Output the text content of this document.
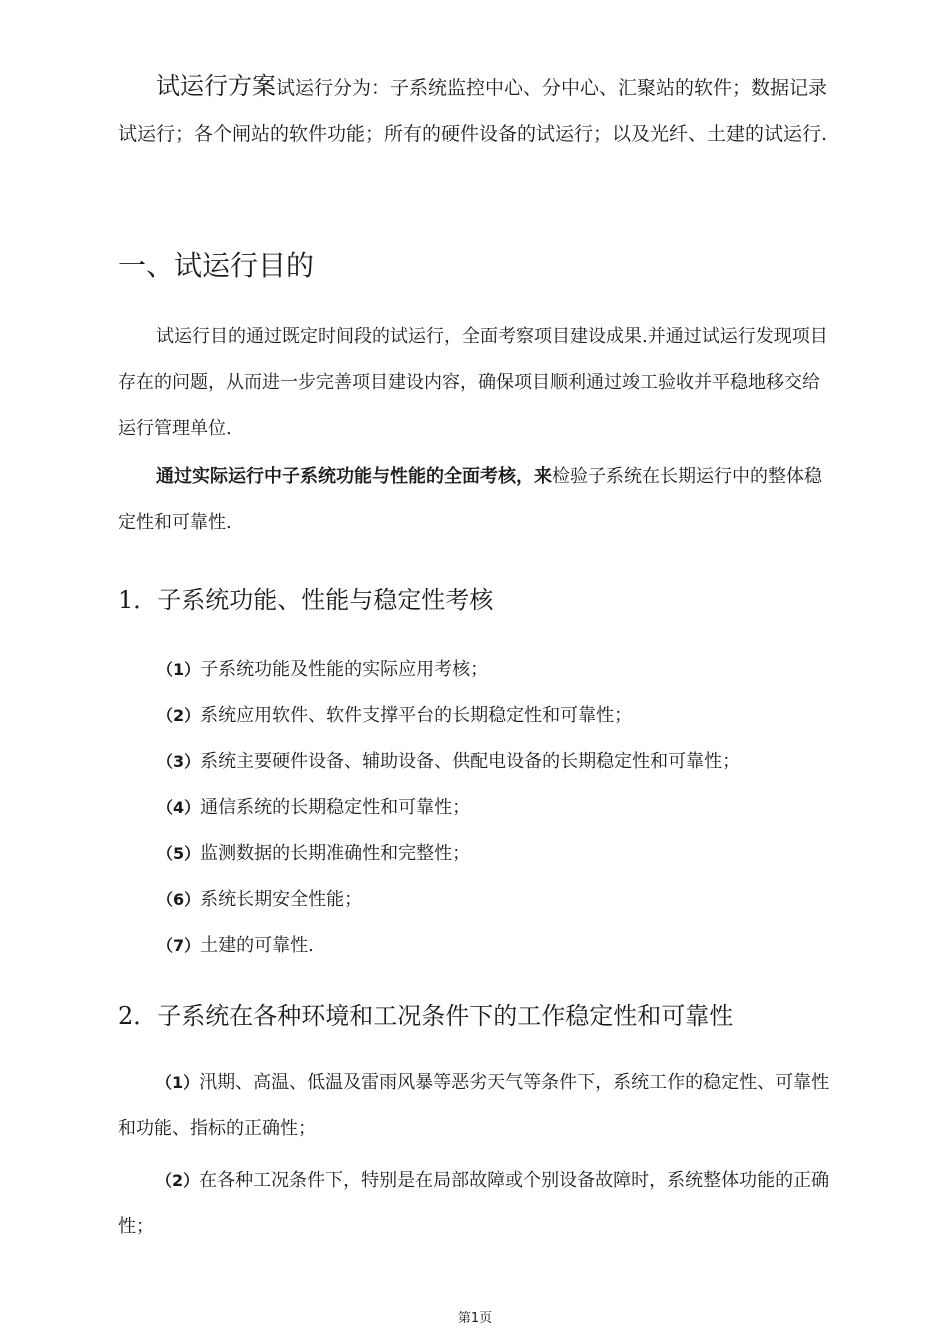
试运行方案试运行分为：子系统监控中心、分中心、汇聚站的软件；数据记录试运行；各个闸站的软件功能；所有的硬件设备的试运行；以及光纤、土建的试运行.

一、试运行目的

试运行目的通过既定时间段的试运行，全面考察项目建设成果.并通过试运行发现项目存在的问题，从而进一步完善项目建设内容，确保项目顺利通过竣工验收并平稳地移交给运行管理单位.

通过实际运行中子系统功能与性能的全面考核，来检验子系统在长期运行中的整体稳定性和可靠性.

1．子系统功能、性能与稳定性考核
（1）子系统功能及性能的实际应用考核；
（2）系统应用软件、软件支撑平台的长期稳定性和可靠性；
（3）系统主要硬件设备、辅助设备、供配电设备的长期稳定性和可靠性；
（4）通信系统的长期稳定性和可靠性；
（5）监测数据的长期准确性和完整性；
（6）系统长期安全性能；
（7）土建的可靠性.
2．子系统在各种环境和工况条件下的工作稳定性和可靠性

（1）汛期、高温、低温及雷雨风暴等恶劣天气等条件下，系统工作的稳定性、可靠性和功能、指标的正确性；

（2）在各种工况条件下，特别是在局部故障或个别设备故障时，系统整体功能的正确性；

第1页
